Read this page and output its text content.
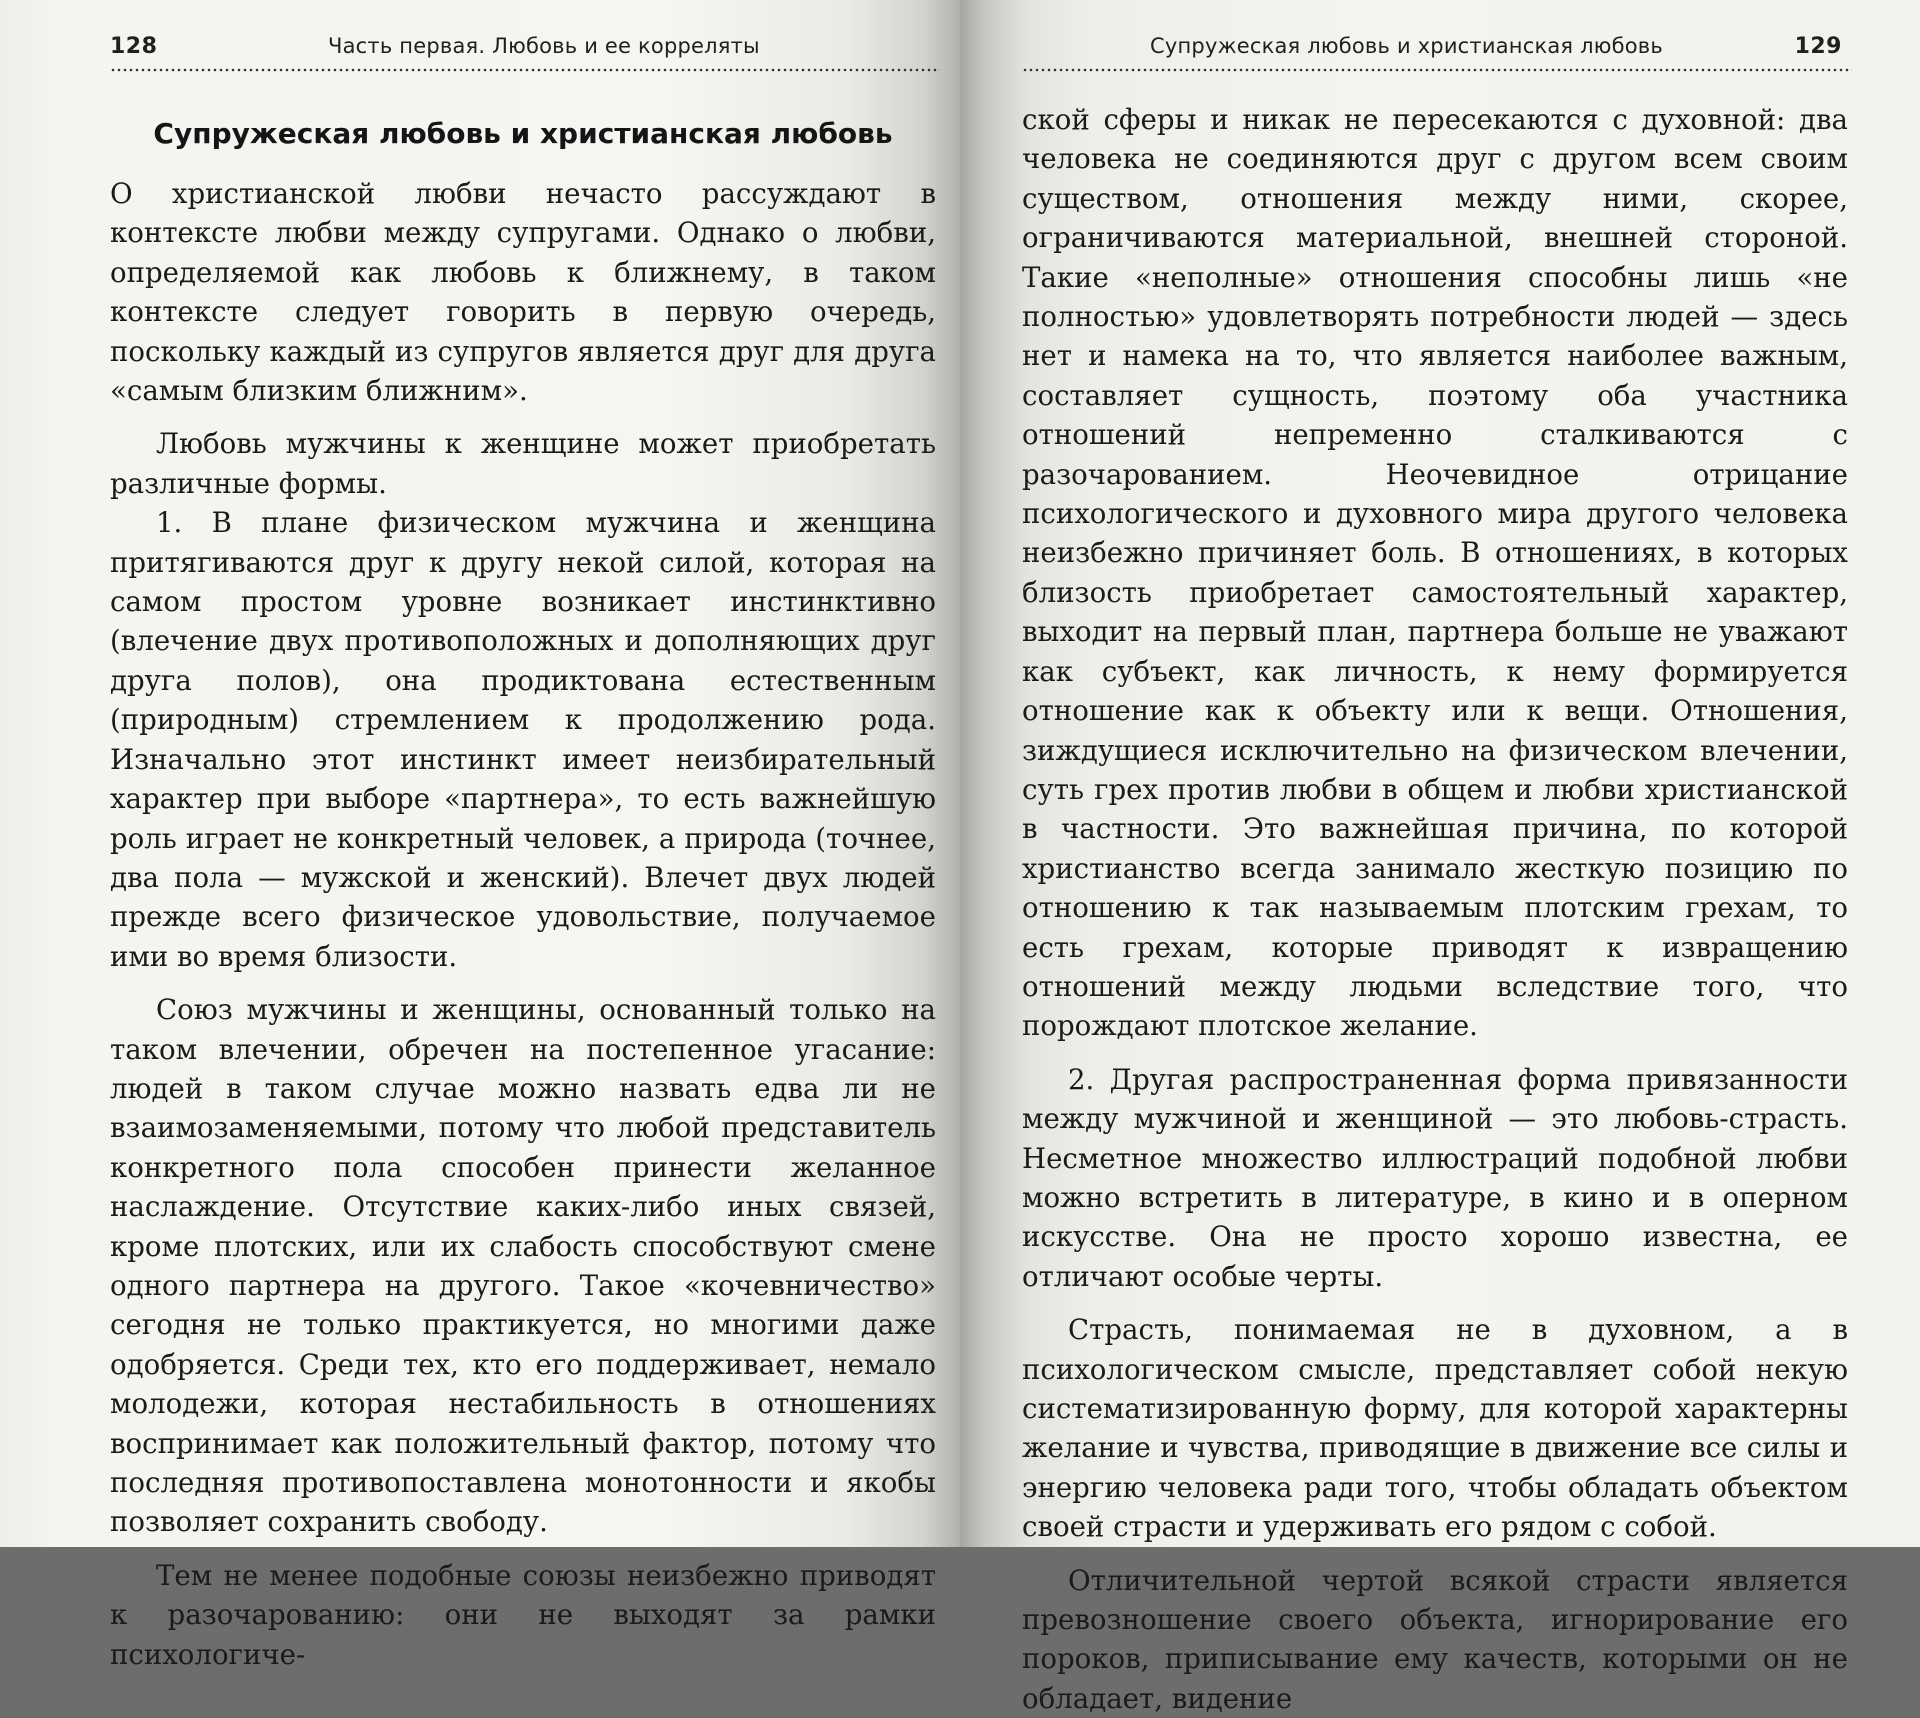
128	Часть первая. Любовь и ее корреляты
Супружеская любовь и христианская любовь

О христианской любви нечасто рассуждают в контексте любви между супругами. Однако о любви, определяемой как любовь к ближнему, в таком контексте следует говорить в первую очередь, поскольку каждый из супругов является друг для друга «самым близким ближним».

Любовь мужчины к женщине может приобретать различные формы.

1. В плане физическом мужчина и женщина притягиваются друг к другу некой силой, которая на самом простом уровне возникает инстинктивно (влечение двух противоположных и дополняющих друг друга полов), она продиктована естественным (природным) стремлением к продолжению рода. Изначально этот инстинкт имеет неизбирательный характер при выборе «партнера», то есть важнейшую роль играет не конкретный человек, а природа (точнее, два пола — мужской и женский). Влечет двух людей прежде всего физическое удовольствие, получаемое ими во время близости.

Союз мужчины и женщины, основанный только на таком влечении, обречен на постепенное угасание: людей в таком случае можно назвать едва ли не взаимозаменяемыми, потому что любой представитель конкретного пола способен принести желанное наслаждение. Отсутствие каких-либо иных связей, кроме плотских, или их слабость способствуют смене одного партнера на другого. Такое «кочевничество» сегодня не только практикуется, но многими даже одобряется. Среди тех, кто его поддерживает, немало молодежи, которая нестабильность в отношениях воспринимает как положительный фактор, потому что последняя противопоставлена монотонности и якобы позволяет сохранить свободу.

Тем не менее подобные союзы неизбежно приводят к разочарованию: они не выходят за рамки психологиче-

Супружеская любовь и христианская любовь	129

ской сферы и никак не пересекаются с духовной: два человека не соединяются друг с другом всем своим существом, отношения между ними, скорее, ограничиваются материальной, внешней стороной. Такие «неполные» отношения способны лишь «не полностью» удовлетворять потребности людей — здесь нет и намека на то, что является наиболее важным, составляет сущность, поэтому оба участника отношений непременно сталкиваются с разочарованием. Неочевидное отрицание психологического и духовного мира другого человека неизбежно причиняет боль. В отношениях, в которых близость приобретает самостоятельный характер, выходит на первый план, партнера больше не уважают как субъект, как личность, к нему формируется отношение как к объекту или к вещи. Отношения, зиждущиеся исключительно на физическом влечении, суть грех против любви в общем и любви христианской в частности. Это важнейшая причина, по которой христианство всегда занимало жесткую позицию по отношению к так называемым плотским грехам, то есть грехам, которые приводят к извращению отношений между людьми вследствие того, что порождают плотское желание.

2. Другая распространенная форма привязанности между мужчиной и женщиной — это любовь-страсть. Несметное множество иллюстраций подобной любви можно встретить в литературе, в кино и в оперном искусстве. Она не просто хорошо известна, ее отличают особые черты.

Страсть, понимаемая не в духовном, а в психологическом смысле, представляет собой некую систематизированную форму, для которой характерны желание и чувства, приводящие в движение все силы и энергию человека ради того, чтобы обладать объектом своей страсти и удерживать его рядом с собой.

Отличительной чертой всякой страсти является превозношение своего объекта, игнорирование его пороков, приписывание ему качеств, которыми он не обладает, видение
